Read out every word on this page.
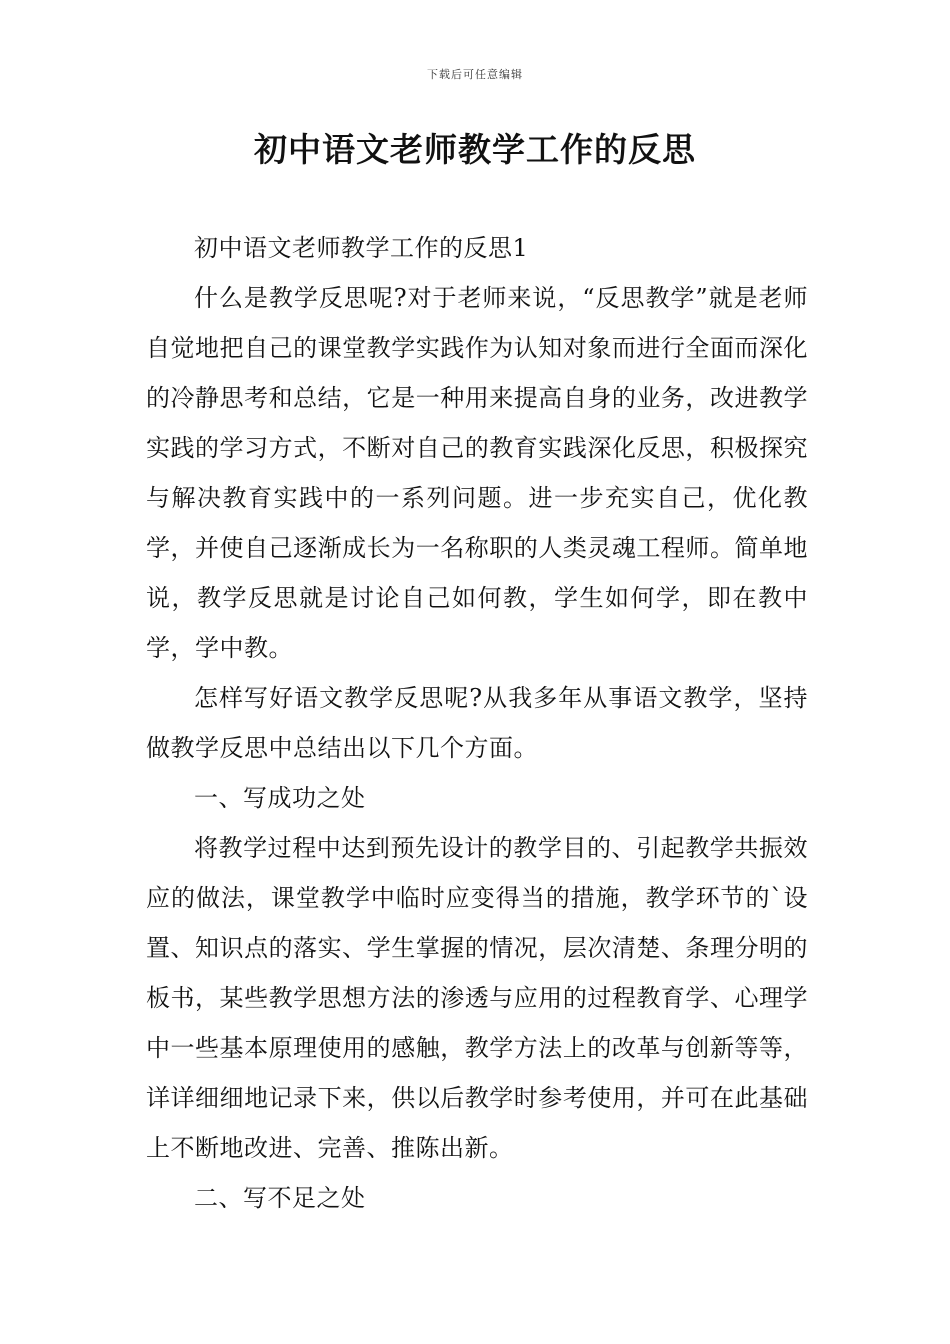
下载后可任意编辑
初中语文老师教学工作的反思

初中语文老师教学工作的反思1

什么是教学反思呢?对于老师来说，“反思教学”就是老师自觉地把自己的课堂教学实践作为认知对象而进行全面而深化的冷静思考和总结，它是一种用来提高自身的业务，改进教学实践的学习方式，不断对自己的教育实践深化反思，积极探究与解决教育实践中的一系列问题。进一步充实自己，优化教学，并使自己逐渐成长为一名称职的人类灵魂工程师。简单地说，教学反思就是讨论自己如何教，学生如何学，即在教中学，学中教。

怎样写好语文教学反思呢?从我多年从事语文教学，坚持做教学反思中总结出以下几个方面。

一、写成功之处

将教学过程中达到预先设计的教学目的、引起教学共振效应的做法，课堂教学中临时应变得当的措施，教学环节的`设置、知识点的落实、学生掌握的情况，层次清楚、条理分明的板书，某些教学思想方法的渗透与应用的过程教育学、心理学中一些基本原理使用的感触，教学方法上的改革与创新等等，详详细细地记录下来，供以后教学时参考使用，并可在此基础上不断地改进、完善、推陈出新。

二、写不足之处
